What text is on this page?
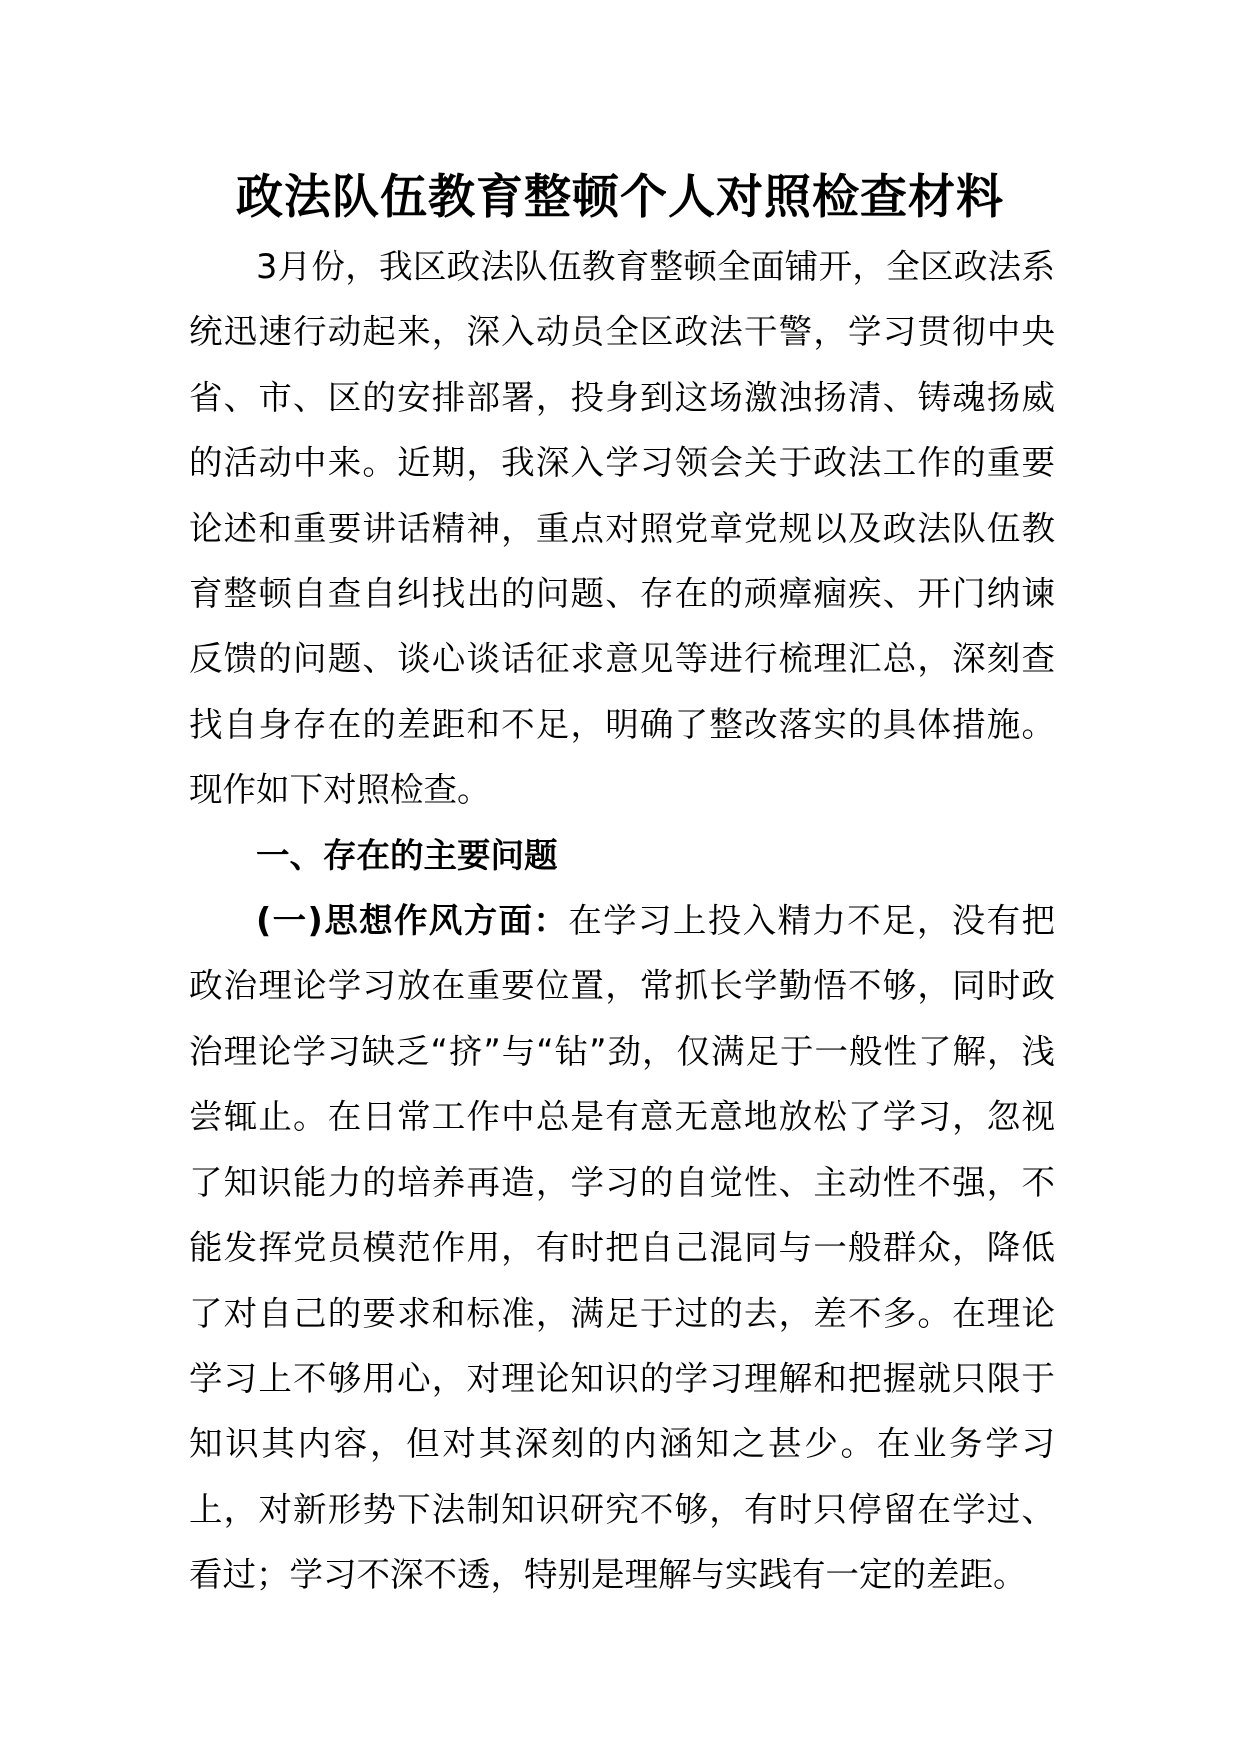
政法队伍教育整顿个人对照检查材料

3月份，我区政法队伍教育整顿全面铺开，全区政法系统迅速行动起来，深入动员全区政法干警，学习贯彻中央省、市、区的安排部署，投身到这场激浊扬清、铸魂扬威的活动中来。近期，我深入学习领会关于政法工作的重要论述和重要讲话精神，重点对照党章党规以及政法队伍教育整顿自查自纠找出的问题、存在的顽瘴痼疾、开门纳谏反馈的问题、谈心谈话征求意见等进行梳理汇总，深刻查找自身存在的差距和不足，明确了整改落实的具体措施。现作如下对照检查。

一、存在的主要问题

(一)思想作风方面：在学习上投入精力不足，没有把政治理论学习放在重要位置，常抓长学勤悟不够，同时政治理论学习缺乏“挤”与“钻”劲，仅满足于一般性了解，浅尝辄止。在日常工作中总是有意无意地放松了学习，忽视了知识能力的培养再造，学习的自觉性、主动性不强，不能发挥党员模范作用，有时把自己混同与一般群众，降低了对自己的要求和标准，满足于过的去，差不多。在理论学习上不够用心，对理论知识的学习理解和把握就只限于知识其内容，但对其深刻的内涵知之甚少。在业务学习上，对新形势下法制知识研究不够，有时只停留在学过、看过；学习不深不透，特别是理解与实践有一定的差距。
